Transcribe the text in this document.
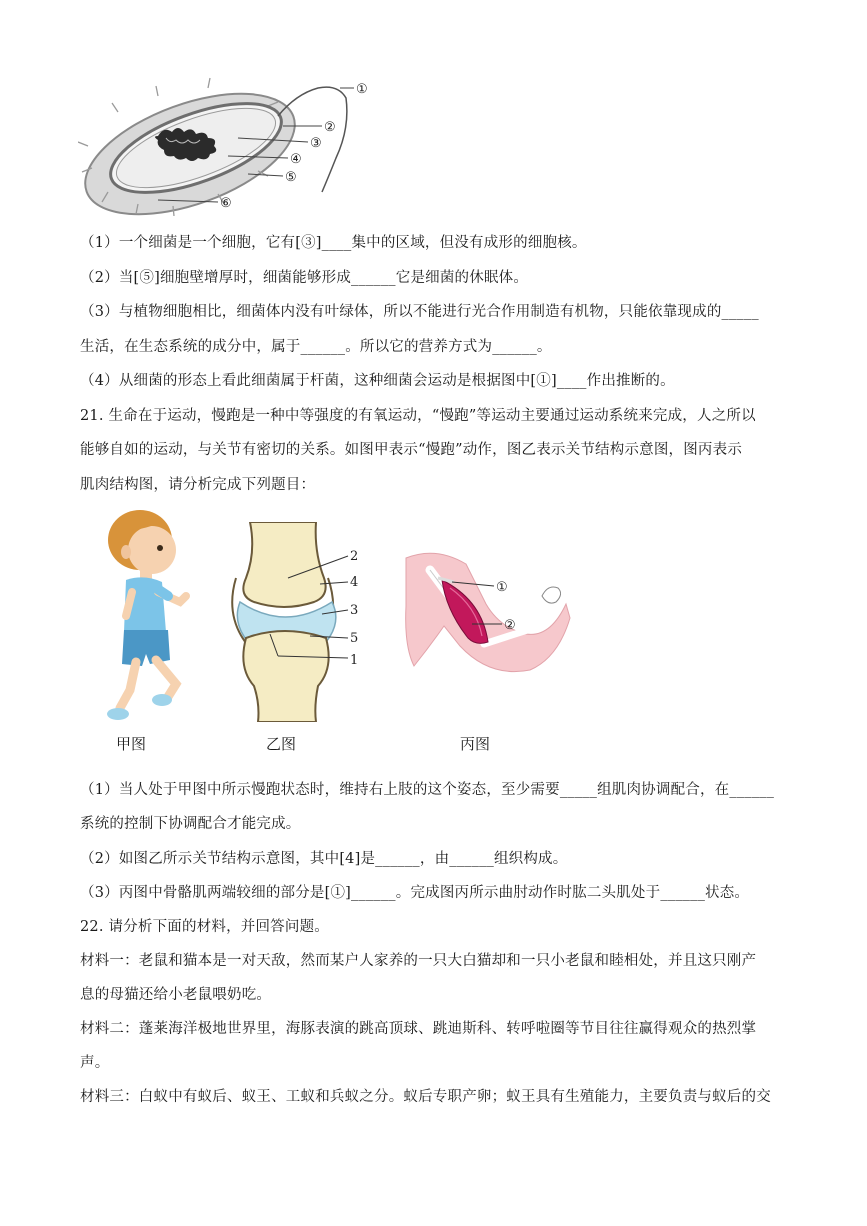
①
②
③
④
⑤
⑥
（1）一个细菌是一个细胞，它有[③]____集中的区域，但没有成形的细胞核。
（2）当[⑤]细胞壁增厚时，细菌能够形成______它是细菌的休眠体。
（3）与植物细胞相比，细菌体内没有叶绿体，所以不能进行光合作用制造有机物，只能依靠现成的_____
生活，在生态系统的成分中，属于______。所以它的营养方式为______。
（4）从细菌的形态上看此细菌属于杆菌，这种细菌会运动是根据图中[①]____作出推断的。
21. 生命在于运动，慢跑是一种中等强度的有氧运动，“慢跑”等运动主要通过运动系统来完成，人之所以
能够自如的运动，与关节有密切的关系。如图甲表示“慢跑”动作，图乙表示关节结构示意图，图丙表示
肌肉结构图，请分析完成下列题目：
2
4
3
5
1
①
②
甲图	乙图	丙图
（1）当人处于甲图中所示慢跑状态时，维持右上肢的这个姿态，至少需要_____组肌肉协调配合，在______
系统的控制下协调配合才能完成。
（2）如图乙所示关节结构示意图，其中[4]是______，由______组织构成。
（3）丙图中骨骼肌两端较细的部分是[①]______。完成图丙所示曲肘动作时肱二头肌处于______状态。
22. 请分析下面的材料，并回答问题。
材料一：老鼠和猫本是一对天敌，然而某户人家养的一只大白猫却和一只小老鼠和睦相处，并且这只刚产
息的母猫还给小老鼠喂奶吃。
材料二：蓬莱海洋极地世界里，海豚表演的跳高顶球、跳迪斯科、转呼啦圈等节目往往赢得观众的热烈掌
声。
材料三：白蚁中有蚁后、蚁王、工蚁和兵蚁之分。蚁后专职产卵；蚁王具有生殖能力，主要负责与蚁后的交
